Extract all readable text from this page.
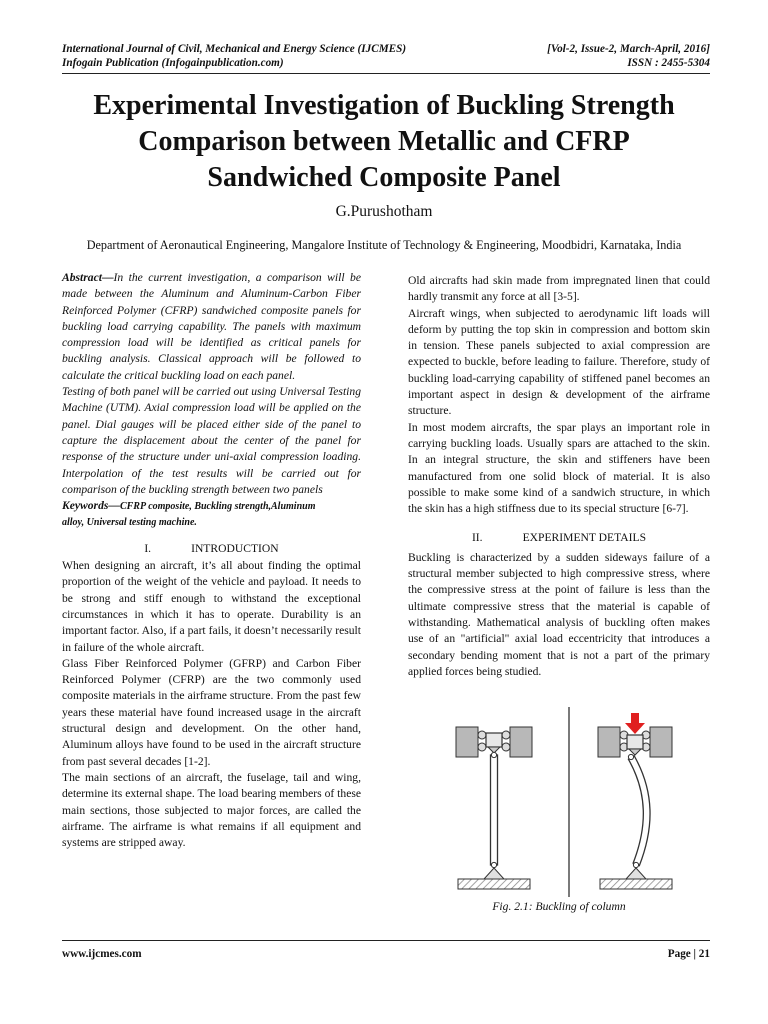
International Journal of Civil, Mechanical and Energy Science (IJCMES)
Infogain Publication (Infogainpublication.com)
[Vol-2, Issue-2, March-April, 2016]
ISSN : 2455-5304
Experimental Investigation of Buckling Strength
Comparison between Metallic and CFRP
Sandwiched Composite Panel
G.Purushotham
Department of Aeronautical Engineering, Mangalore Institute of Technology & Engineering, Moodbidri, Karnataka, India

Abstract—In the current investigation, a comparison will be made between the Aluminum and Aluminum-Carbon Fiber Reinforced Polymer (CFRP) sandwiched composite panels for buckling load carrying capability. The panels with maximum compression load will be identified as critical panels for buckling analysis. Classical approach will be followed to calculate the critical buckling load on each panel.

Testing of both panel will be carried out using Universal Testing Machine (UTM). Axial compression load will be applied on the panel. Dial gauges will be placed either side of the panel to capture the displacement about the center of the panel for response of the structure under uni-axial compression loading. Interpolation of the test results will be carried out for comparison of the buckling strength between two panels

Keywords—CFRP composite, Buckling strength,Aluminum

alloy, Universal testing machine.

I.	INTRODUCTION

When designing an aircraft, it’s all about finding the optimal proportion of the weight of the vehicle and payload. It needs to be strong and stiff enough to withstand the exceptional circumstances in which it has to operate. Durability is an important factor. Also, if a part fails, it doesn’t necessarily result in failure of the whole aircraft.

Glass Fiber Reinforced Polymer (GFRP) and Carbon Fiber Reinforced Polymer (CFRP) are the two commonly used composite materials in the airframe structure. From the past few years these material have found increased usage in the aircraft structural design and development. On the other hand, Aluminum alloys have found to be used in the aircraft structure from past several decades [1-2].

The main sections of an aircraft, the fuselage, tail and wing, determine its external shape. The load bearing members of these main sections, those subjected to major forces, are called the airframe. The airframe is what remains if all equipment and systems are stripped away.

Old aircrafts had skin made from impregnated linen that could hardly transmit any force at all [3-5].

Aircraft wings, when subjected to aerodynamic lift loads will deform by putting the top skin in compression and bottom skin in tension. These panels subjected to axial compression are expected to buckle, before leading to failure. Therefore, study of buckling load-carrying capability of stiffened panel becomes an important aspect in design & development of the airframe structure.

In most modem aircrafts, the spar plays an important role in carrying buckling loads. Usually spars are attached to the skin. In an integral structure, the skin and stiffeners have been manufactured from one solid block of material. It is also possible to make some kind of a sandwich structure, in which the skin has a high stiffness due to its special structure [6-7].

II.	EXPERIMENT DETAILS

Buckling is characterized by a sudden sideways failure of a structural member subjected to high compressive stress, where the compressive stress at the point of failure is less than the ultimate compressive stress that the material is capable of withstanding. Mathematical analysis of buckling often makes use of an "artificial" axial load eccentricity that introduces a secondary bending moment that is not a part of the primary applied forces being studied.

Fig. 2.1: Buckling of column
www.ijcmes.com	Page | 21
